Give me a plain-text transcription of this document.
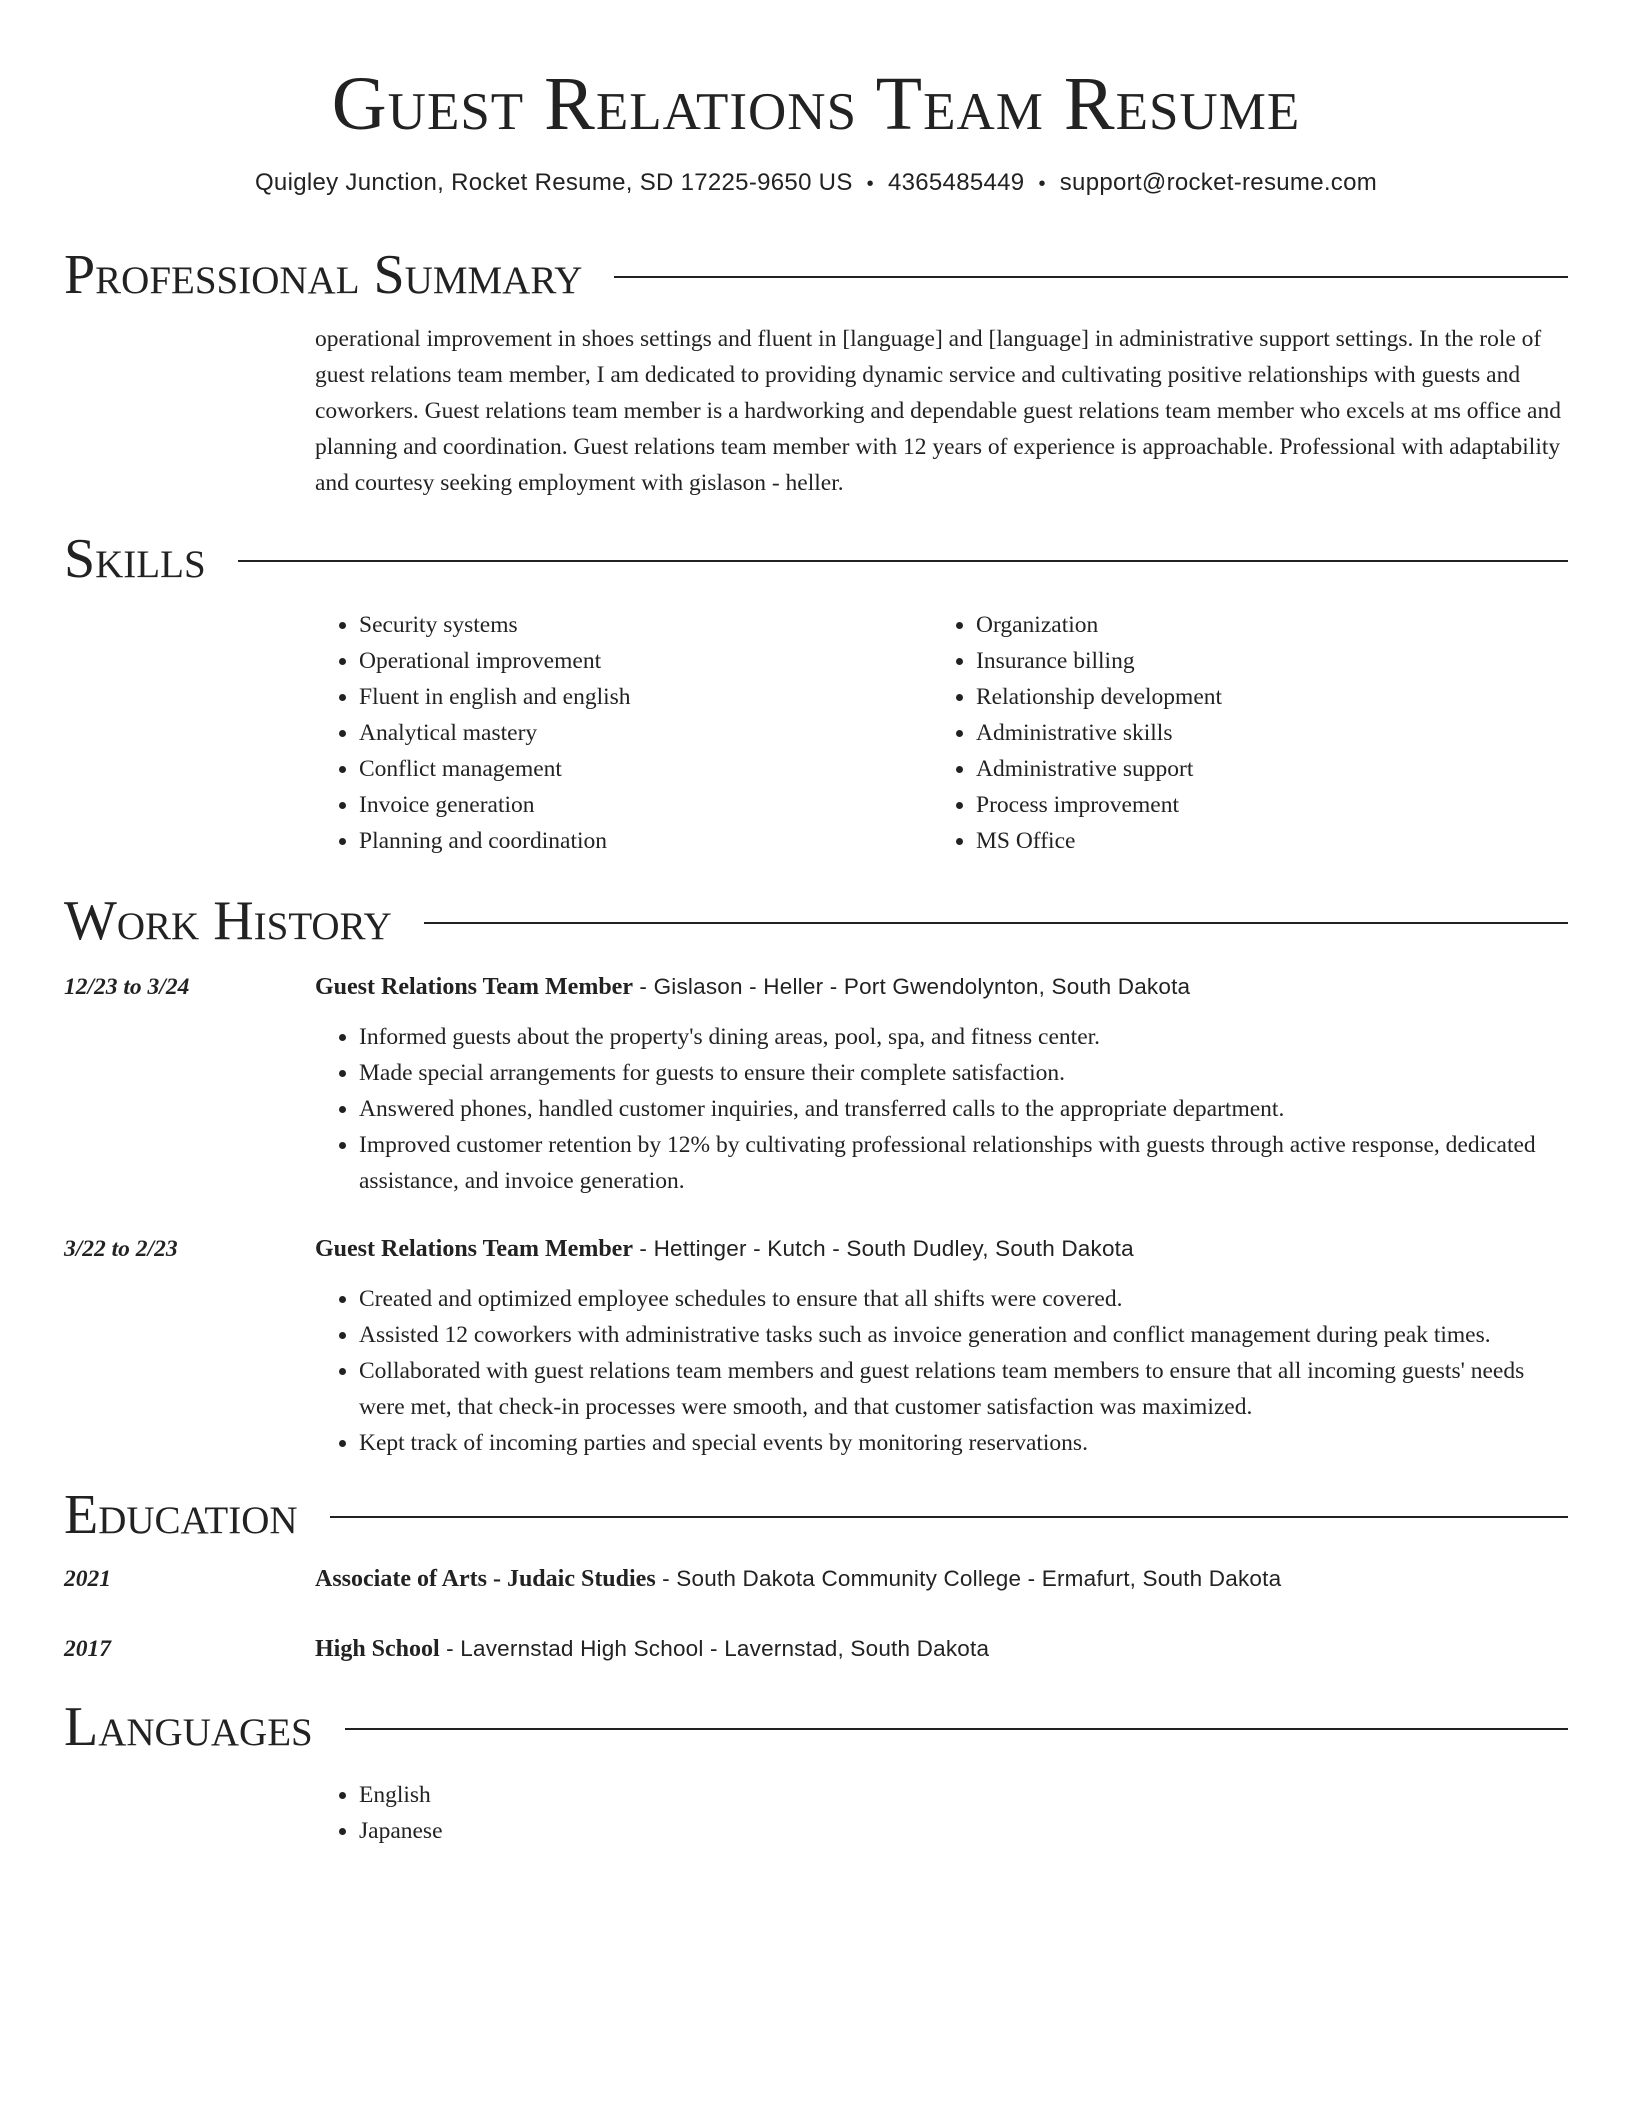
Guest Relations Team Resume
Quigley Junction, Rocket Resume, SD 17225-9650 US • 4365485449 • support@rocket-resume.com
Professional Summary

operational improvement in shoes settings and fluent in [language] and [language] in administrative support settings. In the role of guest relations team member, I am dedicated to providing dynamic service and cultivating positive relationships with guests and coworkers. Guest relations team member is a hardworking and dependable guest relations team member who excels at ms office and planning and coordination. Guest relations team member with 12 years of experience is approachable. Professional with adaptability and courtesy seeking employment with gislason - heller.

Skills
• Security systems
• Operational improvement
• Fluent in english and english
• Analytical mastery
• Conflict management
• Invoice generation
• Planning and coordination
• Organization
• Insurance billing
• Relationship development
• Administrative skills
• Administrative support
• Process improvement
• MS Office
Work History
12/23 to 3/24	Guest Relations Team Member - Gislason - Heller - Port Gwendolynton, South Dakota
• Informed guests about the property's dining areas, pool, spa, and fitness center.
• Made special arrangements for guests to ensure their complete satisfaction.
• Answered phones, handled customer inquiries, and transferred calls to the appropriate department.
• Improved customer retention by 12% by cultivating professional relationships with guests through active response, dedicated assistance, and invoice generation.
3/22 to 2/23	Guest Relations Team Member - Hettinger - Kutch - South Dudley, South Dakota
• Created and optimized employee schedules to ensure that all shifts were covered.
• Assisted 12 coworkers with administrative tasks such as invoice generation and conflict management during peak times.
• Collaborated with guest relations team members and guest relations team members to ensure that all incoming guests' needs were met, that check-in processes were smooth, and that customer satisfaction was maximized.
• Kept track of incoming parties and special events by monitoring reservations.
Education
2021	Associate of Arts - Judaic Studies - South Dakota Community College - Ermafurt, South Dakota
2017	High School - Lavernstad High School - Lavernstad, South Dakota
Languages
• English
• Japanese
